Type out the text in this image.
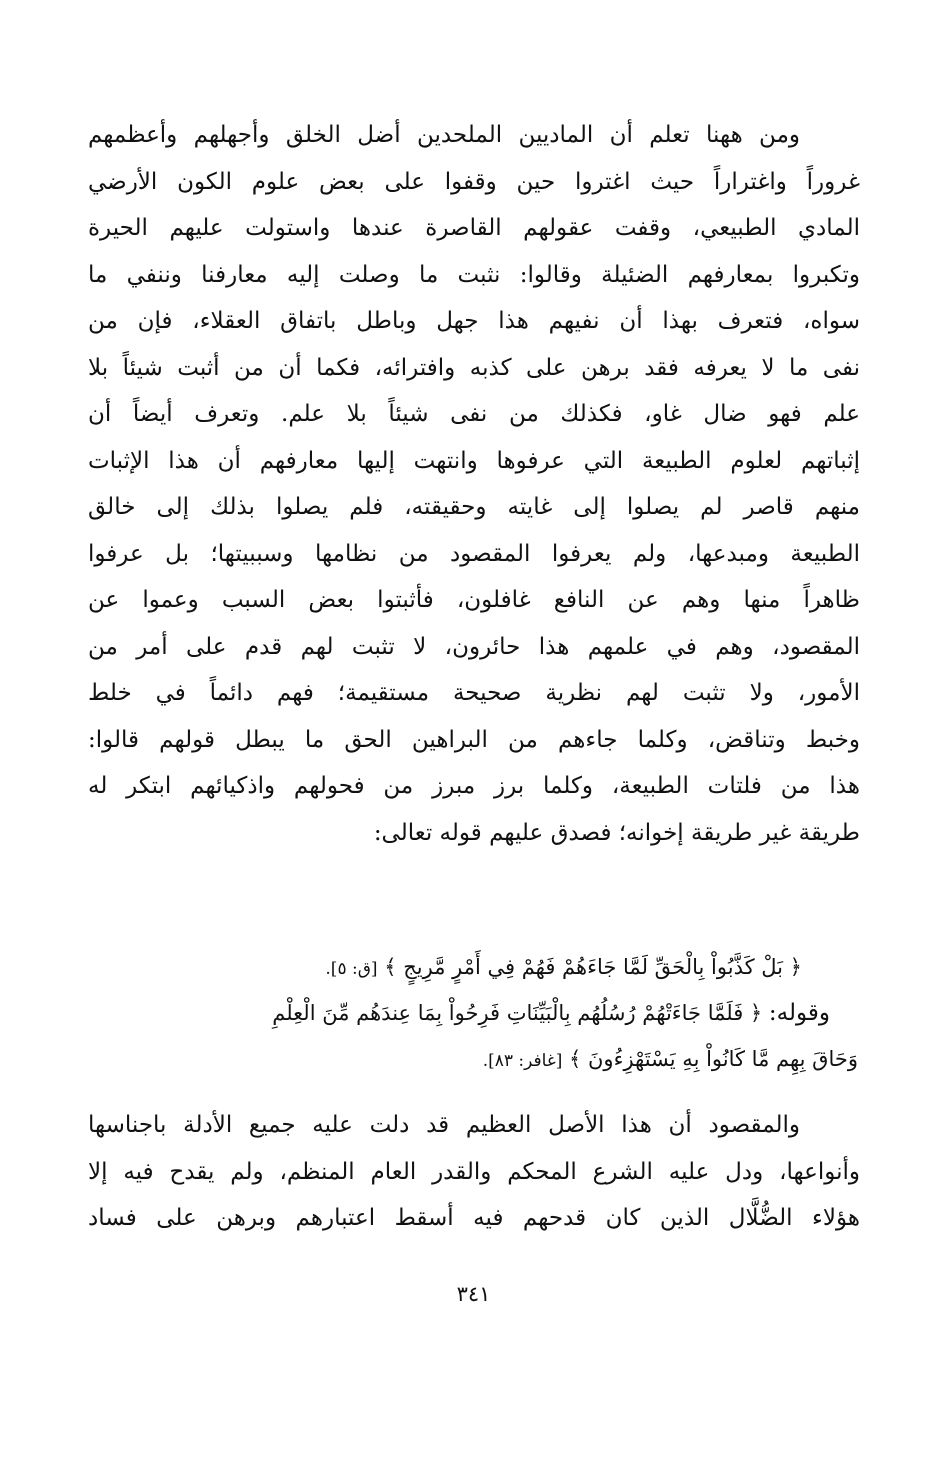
ومن ههنا تعلم أن الماديين الملحدين أضل الخلق وأجهلهم وأعظمهم
غروراً واغتراراً حيث اغتروا حين وقفوا على بعض علوم الكون الأرضي
المادي الطبيعي، وقفت عقولهم القاصرة عندها واستولت عليهم الحيرة
وتكبروا بمعارفهم الضئيلة وقالوا: نثبت ما وصلت إليه معارفنا وننفي ما
سواه، فتعرف بهذا أن نفيهم هذا جهل وباطل باتفاق العقلاء، فإن من
نفى ما لا يعرفه فقد برهن على كذبه وافترائه، فكما أن من أثبت شيئاً بلا
علم فهو ضال غاو، فكذلك من نفى شيئاً بلا علم. وتعرف أيضاً أن
إثباتهم لعلوم الطبيعة التي عرفوها وانتهت إليها معارفهم أن هذا الإثبات
منهم قاصر لم يصلوا إلى غايته وحقيقته، فلم يصلوا بذلك إلى خالق
الطبيعة ومبدعها، ولم يعرفوا المقصود من نظامها وسببيتها؛ بل عرفوا
ظاهراً منها وهم عن النافع غافلون، فأثبتوا بعض السبب وعموا عن
المقصود، وهم في علمهم هذا حائرون، لا تثبت لهم قدم على أمر من
الأمور، ولا تثبت لهم نظرية صحيحة مستقيمة؛ فهم دائماً في خلط
وخبط وتناقض، وكلما جاءهم من البراهين الحق ما يبطل قولهم قالوا:
هذا من فلتات الطبيعة، وكلما برز مبرز من فحولهم واذكيائهم ابتكر له
طريقة غير طريقة إخوانه؛ فصدق عليهم قوله تعالى:
﴿ بَلْ كَذَّبُواْ بِالْحَقِّ لَمَّا جَاءَهُمْ فَهُمْ فِي أَمْرٍ مَّرِيجٍ ﴾ [ق: ٥].
وقوله: ﴿ فَلَمَّا جَاءَتْهُمْ رُسُلُهُم بِالْبَيِّنَاتِ فَرِحُواْ بِمَا عِندَهُم مِّنَ الْعِلْمِ
وَحَاقَ بِهِم مَّا كَانُواْ بِهِ يَسْتَهْزِءُونَ ﴾ [غافر: ٨٣].
والمقصود أن هذا الأصل العظيم قد دلت عليه جميع الأدلة باجناسها
وأنواعها، ودل عليه الشرع المحكم والقدر العام المنظم، ولم يقدح فيه إلا
هؤلاء الضُّلَّال الذين كان قدحهم فيه أسقط اعتبارهم وبرهن على فساد
٣٤١
